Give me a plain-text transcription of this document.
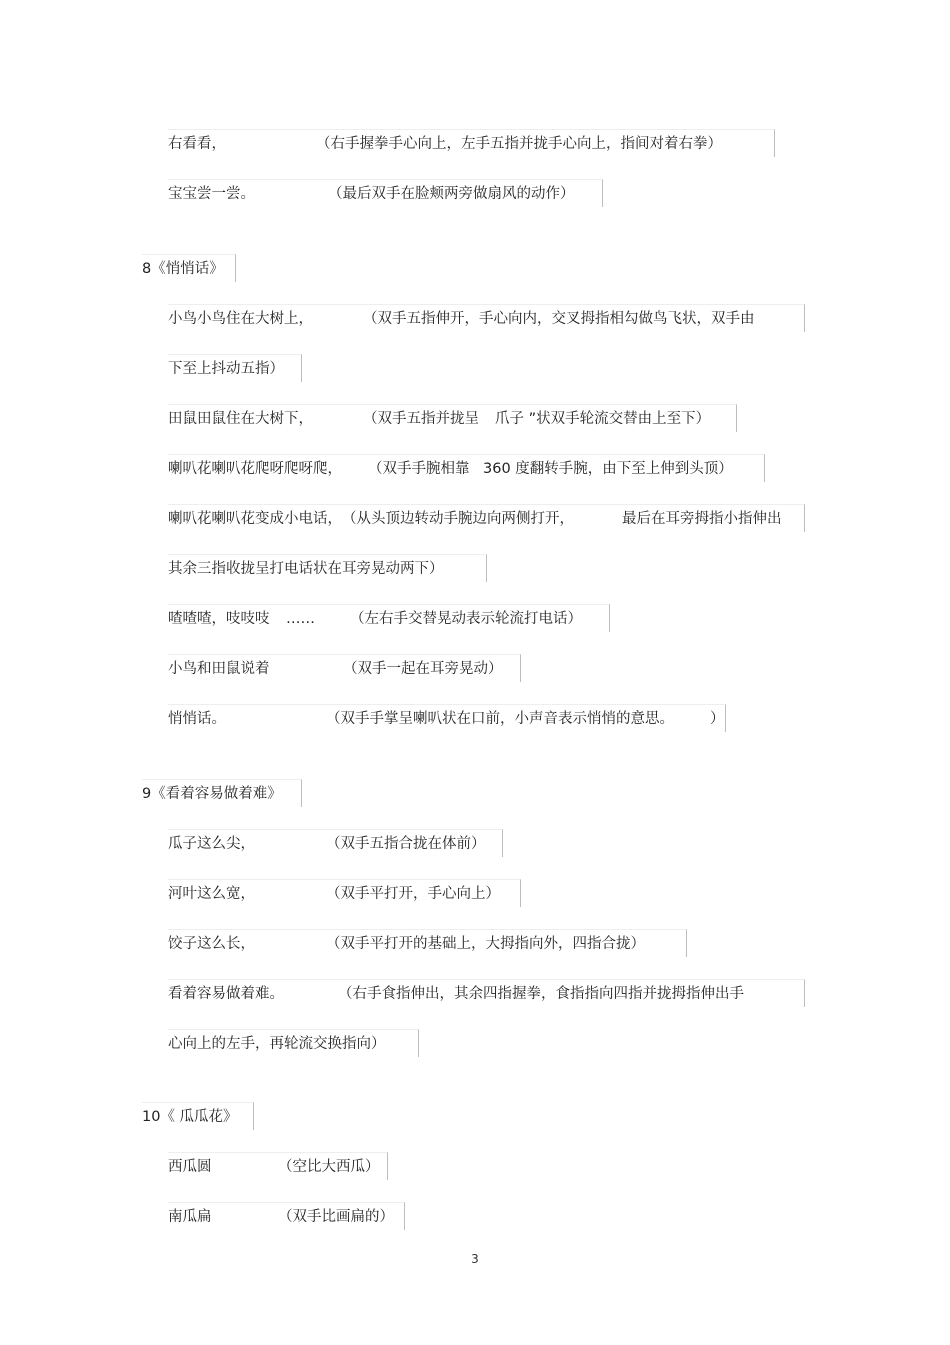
右看看，	（右手握拳手心向上，左手五指并拢手心向上，指间对着右拳）
宝宝尝一尝。	（最后双手在脸颊两旁做扇风的动作）
8《悄悄话》
小鸟小鸟住在大树上，	（双手五指伸开，手心向内，交叉拇指相勾做鸟飞状，双手由
下至上抖动五指）
田鼠田鼠住在大树下，	（双手五指并拢呈 爪子 ”状双手轮流交替由上至下）
喇叭花喇叭花爬呀爬呀爬， （双手手腕相靠 360 度翻转手腕，由下至上伸到头顶）
喇叭花喇叭花变成小电话， （从头顶边转动手腕边向两侧打开，	最后在耳旁拇指小指伸出
其余三指收拢呈打电话状在耳旁晃动两下）
喳喳喳，吱吱吱 …… （左右手交替晃动表示轮流打电话）
小鸟和田鼠说着	（双手一起在耳旁晃动）
悄悄话。	（双手手掌呈喇叭状在口前，小声音表示悄悄的意思。 ）
9《看着容易做着难》
瓜子这么尖，	（双手五指合拢在体前）
河叶这么宽，	（双手平打开，手心向上）
饺子这么长，	（双手平打开的基础上，大拇指向外，四指合拢）
看着容易做着难。	（右手食指伸出，其余四指握拳，食指指向四指并拢拇指伸出手
心向上的左手，再轮流交换指向）
10《 瓜瓜花》
西瓜圆	（空比大西瓜）
南瓜扁	（双手比画扁的）
3
